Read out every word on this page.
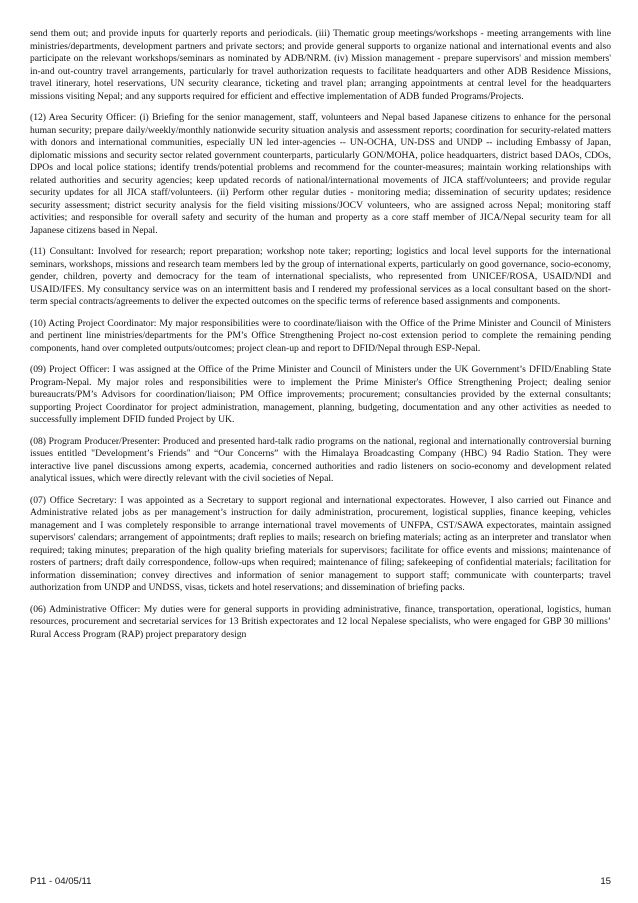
send them out; and provide inputs for quarterly reports and periodicals. (iii) Thematic group meetings/workshops - meeting arrangements with line ministries/departments, development partners and private sectors; and provide general supports to organize national and international events and also participate on the relevant workshops/seminars as nominated by ADB/NRM. (iv) Mission management - prepare supervisors' and mission members' in-and out-country travel arrangements, particularly for travel authorization requests to facilitate headquarters and other ADB Residence Missions, travel itinerary, hotel reservations, UN security clearance, ticketing and travel plan; arranging appointments at central level for the headquarters missions visiting Nepal; and any supports required for efficient and effective implementation of ADB funded Programs/Projects.

(12) Area Security Officer: (i) Briefing for the senior management, staff, volunteers and Nepal based Japanese citizens to enhance for the personal human security; prepare daily/weekly/monthly nationwide security situation analysis and assessment reports; coordination for security-related matters with donors and international communities, especially UN led inter-agencies -- UN-OCHA, UN-DSS and UNDP -- including Embassy of Japan, diplomatic missions and security sector related government counterparts, particularly GON/MOHA, police headquarters, district based DAOs, CDOs, DPOs and local police stations; identify trends/potential problems and recommend for the counter-measures; maintain working relationships with related authorities and security agencies; keep updated records of national/international movements of JICA staff/volunteers; and provide regular security updates for all JICA staff/volunteers. (ii) Perform other regular duties - monitoring media; dissemination of security updates; residence security assessment; district security analysis for the field visiting missions/JOCV volunteers, who are assigned across Nepal; monitoring staff activities; and responsible for overall safety and security of the human and property as a core staff member of JICA/Nepal security team for all Japanese citizens based in Nepal.

(11) Consultant: Involved for research; report preparation; workshop note taker; reporting; logistics and local level supports for the international seminars, workshops, missions and research team members led by the group of international experts, particularly on good governance, socio-economy, gender, children, poverty and democracy for the team of international specialists, who represented from UNICEF/ROSA, USAID/NDI and USAID/IFES. My consultancy service was on an intermittent basis and I rendered my professional services as a local consultant based on the short-term special contracts/agreements to deliver the expected outcomes on the specific terms of reference based assignments and components.

(10) Acting Project Coordinator: My major responsibilities were to coordinate/liaison with the Office of the Prime Minister and Council of Ministers and pertinent line ministries/departments for the PM’s Office Strengthening Project no-cost extension period to complete the remaining pending components, hand over completed outputs/outcomes; project clean-up and report to DFID/Nepal through ESP-Nepal.

(09) Project Officer: I was assigned at the Office of the Prime Minister and Council of Ministers under the UK Government’s DFID/Enabling State Program-Nepal. My major roles and responsibilities were to implement the Prime Minister's Office Strengthening Project; dealing senior bureaucrats/PM’s Advisors for coordination/liaison; PM Office improvements; procurement; consultancies provided by the external consultants; supporting Project Coordinator for project administration, management, planning, budgeting, documentation and any other activities as needed to successfully implement DFID funded Project by UK.

(08) Program Producer/Presenter: Produced and presented hard-talk radio programs on the national, regional and internationally controversial burning issues entitled "Development’s Friends" and “Our Concerns” with the Himalaya Broadcasting Company (HBC) 94 Radio Station. They were interactive live panel discussions among experts, academia, concerned authorities and radio listeners on socio-economy and development related analytical issues, which were directly relevant with the civil societies of Nepal.

(07) Office Secretary: I was appointed as a Secretary to support regional and international expectorates. However, I also carried out Finance and Administrative related jobs as per management’s instruction for daily administration, procurement, logistical supplies, finance keeping, vehicles management and I was completely responsible to arrange international travel movements of UNFPA, CST/SAWA expectorates, maintain assigned supervisors' calendars; arrangement of appointments; draft replies to mails; research on briefing materials; acting as an interpreter and translator when required; taking minutes; preparation of the high quality briefing materials for supervisors; facilitate for office events and missions; maintenance of rosters of partners; draft daily correspondence, follow-ups when required; maintenance of filing; safekeeping of confidential materials; facilitation for information dissemination; convey directives and information of senior management to support staff; communicate with counterparts; travel authorization from UNDP and UNDSS, visas, tickets and hotel reservations; and dissemination of briefing packs.

(06) Administrative Officer: My duties were for general supports in providing administrative, finance, transportation, operational, logistics, human resources, procurement and secretarial services for 13 British expectorates and 12 local Nepalese specialists, who were engaged for GBP 30 millions’ Rural Access Program (RAP) project preparatory design

P11 - 04/05/11	15
